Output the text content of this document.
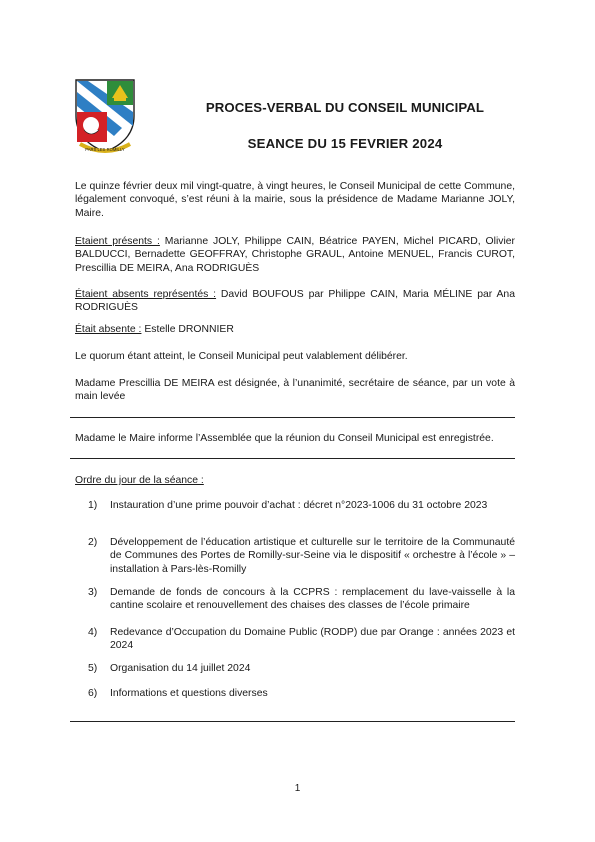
PARS LES ROMILLY
PROCES-VERBAL DU CONSEIL MUNICIPAL
SEANCE DU 15 FEVRIER 2024
Le quinze février deux mil vingt-quatre, à vingt heures, le Conseil Municipal de cette Commune, légalement convoqué, s’est réuni à la mairie, sous la présidence de Madame Marianne JOLY, Maire.
Etaient présents : Marianne JOLY, Philippe CAIN, Béatrice PAYEN, Michel PICARD, Olivier BALDUCCI, Bernadette GEOFFRAY, Christophe GRAUL, Antoine MENUEL, Francis CUROT, Prescillia DE MEIRA, Ana RODRIGUÈS
Étaient absents représentés : David BOUFOUS par Philippe CAIN, Maria MÉLINE par Ana RODRIGUÈS
Était absente : Estelle DRONNIER
Le quorum étant atteint, le Conseil Municipal peut valablement délibérer.
Madame Prescillia DE MEIRA est désignée, à l’unanimité, secrétaire de séance, par un vote à main levée
Madame le Maire informe l’Assemblée que la réunion du Conseil Municipal est enregistrée.
Ordre du jour de la séance :
1) Instauration d’une prime pouvoir d’achat : décret n°2023-1006 du 31 octobre 2023
2) Développement de l’éducation artistique et culturelle sur le territoire de la Communauté de Communes des Portes de Romilly-sur-Seine via le dispositif « orchestre à l’école » – installation à Pars-lès-Romilly
3) Demande de fonds de concours à la CCPRS : remplacement du lave-vaisselle à la cantine scolaire et renouvellement des chaises des classes de l’école primaire
4) Redevance d’Occupation du Domaine Public (RODP) due par Orange : années 2023 et 2024
5) Organisation du 14 juillet 2024
6) Informations et questions diverses
1
